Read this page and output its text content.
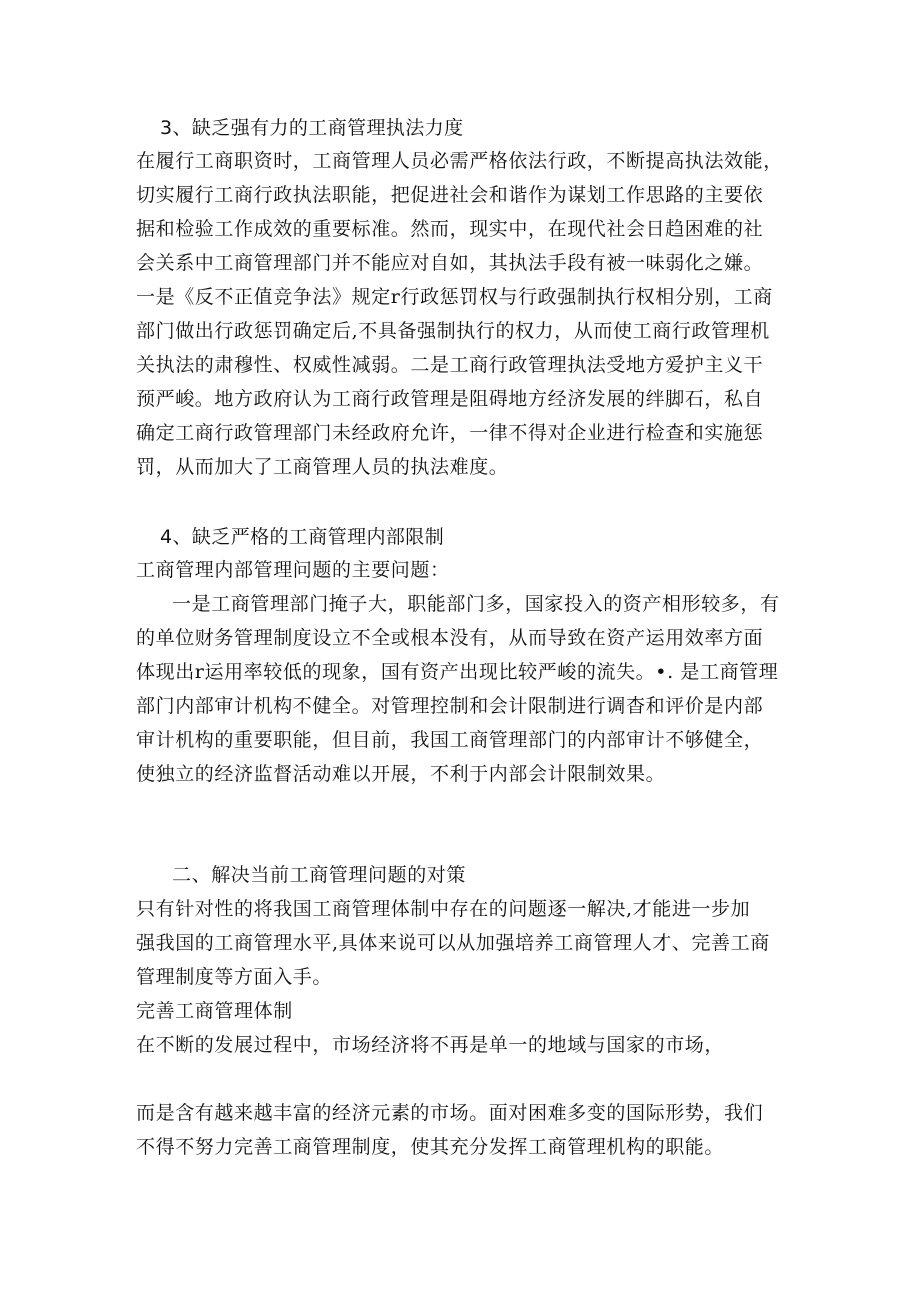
3、缺乏强有力的工商管理执法力度
在履行工商职资时，工商管理人员必需严格依法行政，不断提高执法效能，
切实履行工商行政执法职能，把促进社会和谐作为谋划工作思路的主要依
据和检验工作成效的重要标准。然而，现实中，在现代社会日趋困难的社
会关系中工商管理部门并不能应对自如，其执法手段有被一味弱化之嫌。
一是《反不正值竞争法》规定r行政惩罚权与行政强制执行权相分别，工商
部门做出行政惩罚确定后,不具备强制执行的权力，从而使工商行政管理机
关执法的肃穆性、权威性减弱。二是工商行政管理执法受地方爱护主义干
预严峻。地方政府认为工商行政管理是阻碍地方经济发展的绊脚石，私自
确定工商行政管理部门未经政府允许，一律不得对企业进行检查和实施惩
罚，从而加大了工商管理人员的执法难度。
4、缺乏严格的工商管理内部限制
工商管理内部管理问题的主要问题：
一是工商管理部门掩子大，职能部门多，国家投入的资产相形较多，有
的单位财务管理制度设立不全或根本没有，从而导致在资产运用效率方面
体现出r运用率较低的现象，国有资产出现比较严峻的流失。•. 是工商管理
部门内部审计机构不健全。对管理控制和会计限制进行调杳和评价是内部
审计机构的重要职能，但目前，我国工商管理部门的内部审计不够健全，
使独立的经济监督活动难以开展，不利于内部会计限制效果。
二、解决当前工商管理问题的对策
只有针对性的将我国工商管理体制中存在的问题逐一解决,才能进一步加
强我国的工商管理水平,具体来说可以从加强培养工商管理人才、完善工商
管理制度等方面入手。
完善工商管理体制
在不断的发展过程中，市场经济将不再是单一的地域与国家的市场，
而是含有越来越丰富的经济元素的市场。面对困难多变的国际形势，我们
不得不努力完善工商管理制度，使其充分发挥工商管理机构的职能。
